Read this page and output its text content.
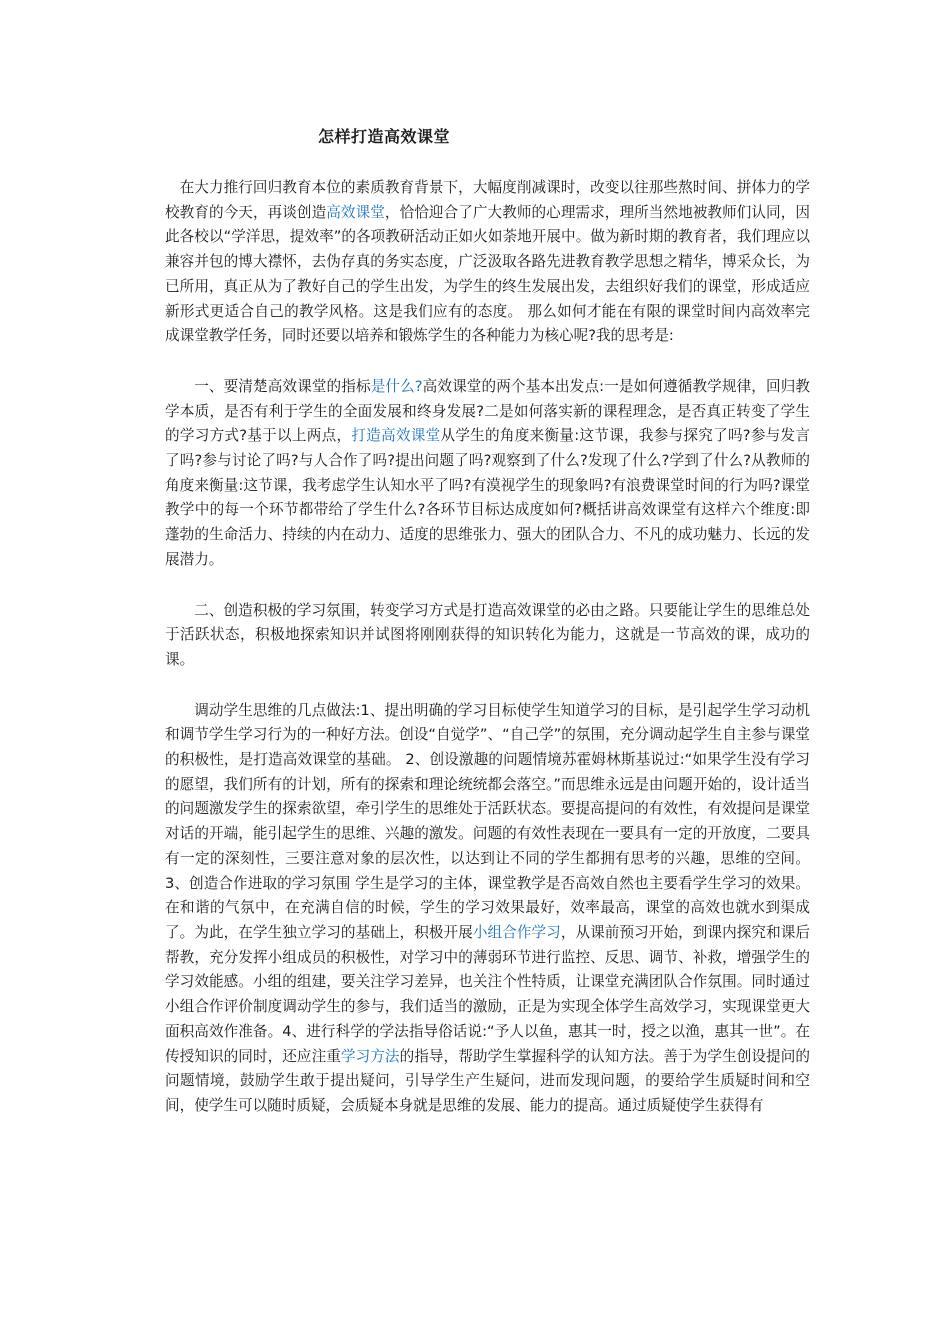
怎样打造高效课堂

在大力推行回归教育本位的素质教育背景下，大幅度削减课时，改变以往那些熬时间、拼体力的学校教育的今天，再谈创造高效课堂，恰恰迎合了广大教师的心理需求，理所当然地被教师们认同，因此各校以“学洋思，提效率”的各项教研活动正如火如荼地开展中。做为新时期的教育者，我们理应以兼容并包的博大襟怀，去伪存真的务实态度，广泛汲取各路先进教育教学思想之精华，博采众长，为已所用，真正从为了教好自己的学生出发，为学生的终生发展出发，去组织好我们的课堂，形成适应新形式更适合自己的教学风格。这是我们应有的态度。 那么如何才能在有限的课堂时间内高效率完成课堂教学任务，同时还要以培养和锻炼学生的各种能力为核心呢?我的思考是:

一、要清楚高效课堂的指标是什么?高效课堂的两个基本出发点:一是如何遵循教学规律，回归教学本质，是否有利于学生的全面发展和终身发展?二是如何落实新的课程理念，是否真正转变了学生的学习方式?基于以上两点，打造高效课堂从学生的角度来衡量:这节课，我参与探究了吗?参与发言了吗?参与讨论了吗?与人合作了吗?提出问题了吗?观察到了什么?发现了什么?学到了什么?从教师的角度来衡量:这节课，我考虑学生认知水平了吗?有漠视学生的现象吗?有浪费课堂时间的行为吗?课堂教学中的每一个环节都带给了学生什么?各环节目标达成度如何?概括讲高效课堂有这样六个维度:即蓬勃的生命活力、持续的内在动力、适度的思维张力、强大的团队合力、不凡的成功魅力、长远的发展潜力。

二、创造积极的学习氛围，转变学习方式是打造高效课堂的必由之路。只要能让学生的思维总处于活跃状态，积极地探索知识并试图将刚刚获得的知识转化为能力，这就是一节高效的课，成功的课。

调动学生思维的几点做法:1、提出明确的学习目标使学生知道学习的目标，是引起学生学习动机和调节学生学习行为的一种好方法。创设“自觉学”、“自己学”的氛围，充分调动起学生自主参与课堂的积极性，是打造高效课堂的基础。 2、创设激趣的问题情境苏霍姆林斯基说过:“如果学生没有学习的愿望，我们所有的计划，所有的探索和理论统统都会落空。”而思维永远是由问题开始的，设计适当的问题激发学生的探索欲望，牵引学生的思维处于活跃状态。要提高提问的有效性，有效提问是课堂对话的开端，能引起学生的思维、兴趣的激发。问题的有效性表现在一要具有一定的开放度，二要具有一定的深刻性，三要注意对象的层次性，以达到让不同的学生都拥有思考的兴趣，思维的空间。3、创造合作进取的学习氛围 学生是学习的主体，课堂教学是否高效自然也主要看学生学习的效果。在和谐的气氛中，在充满自信的时候，学生的学习效果最好，效率最高，课堂的高效也就水到渠成了。为此，在学生独立学习的基础上，积极开展小组合作学习，从课前预习开始，到课内探究和课后帮教，充分发挥小组成员的积极性，对学习中的薄弱环节进行监控、反思、调节、补救，增强学生的学习效能感。小组的组建，要关注学习差异，也关注个性特质，让课堂充满团队合作氛围。同时通过小组合作评价制度调动学生的参与，我们适当的激励，正是为实现全体学生高效学习，实现课堂更大面积高效作准备。4、进行科学的学法指导俗话说:“予人以鱼，惠其一时，授之以渔，惠其一世”。在传授知识的同时，还应注重学习方法的指导，帮助学生掌握科学的认知方法。善于为学生创设提问的问题情境，鼓励学生敢于提出疑问，引导学生产生疑问，进而发现问题，的要给学生质疑时间和空间，使学生可以随时质疑，会质疑本身就是思维的发展、能力的提高。通过质疑使学生获得有
